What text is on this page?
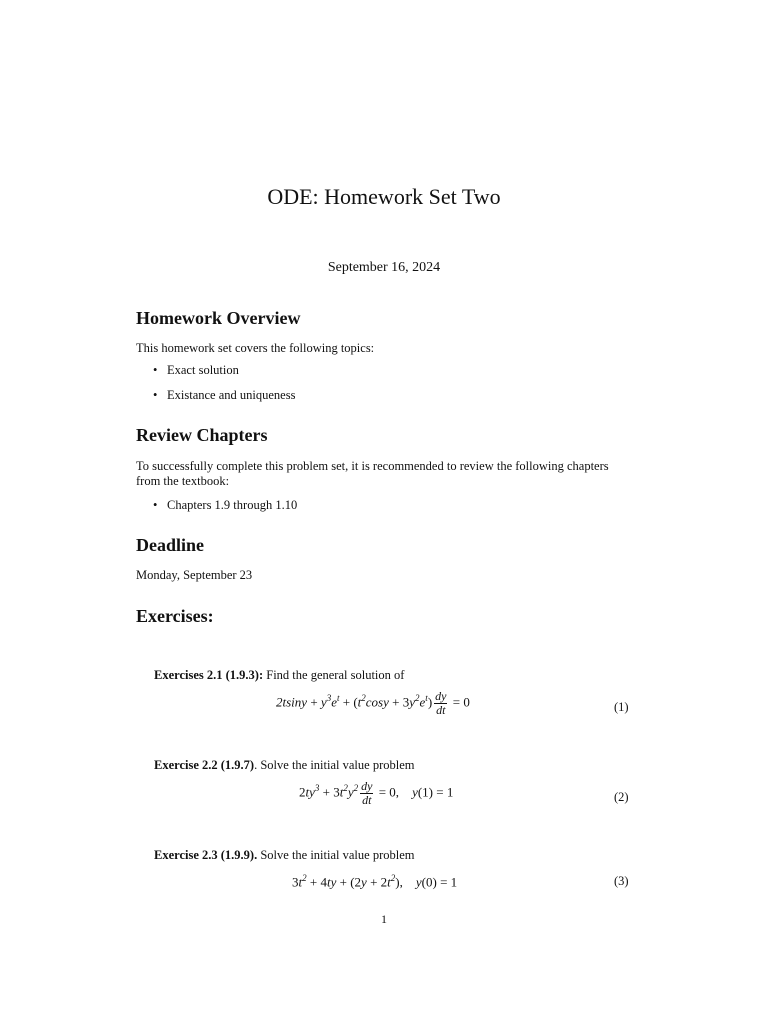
ODE: Homework Set Two
September 16, 2024
Homework Overview
This homework set covers the following topics:
• Exact solution
• Existance and uniqueness
Review Chapters
To successfully complete this problem set, it is recommended to review the following chapters from the textbook:
• Chapters 1.9 through 1.10
Deadline
Monday, September 23
Exercises:
Exercises 2.1 (1.9.3): Find the general solution of
$2tsiny + y^3e^t + (t^2\cos y + 3y^2e^t) \frac{dy}{dt} = 0$	(1)
Exercise 2.2 (1.9.7). Solve the initial value problem
$2ty^3 + 3t^2y^2 \frac{dy}{dt} = 0$,    y(1) = 1	(2)
Exercise 2.3 (1.9.9). Solve the initial value problem
$3t^2 + 4ty + (2y + 2t^2)$,    y(0) = 1	(3)
1
